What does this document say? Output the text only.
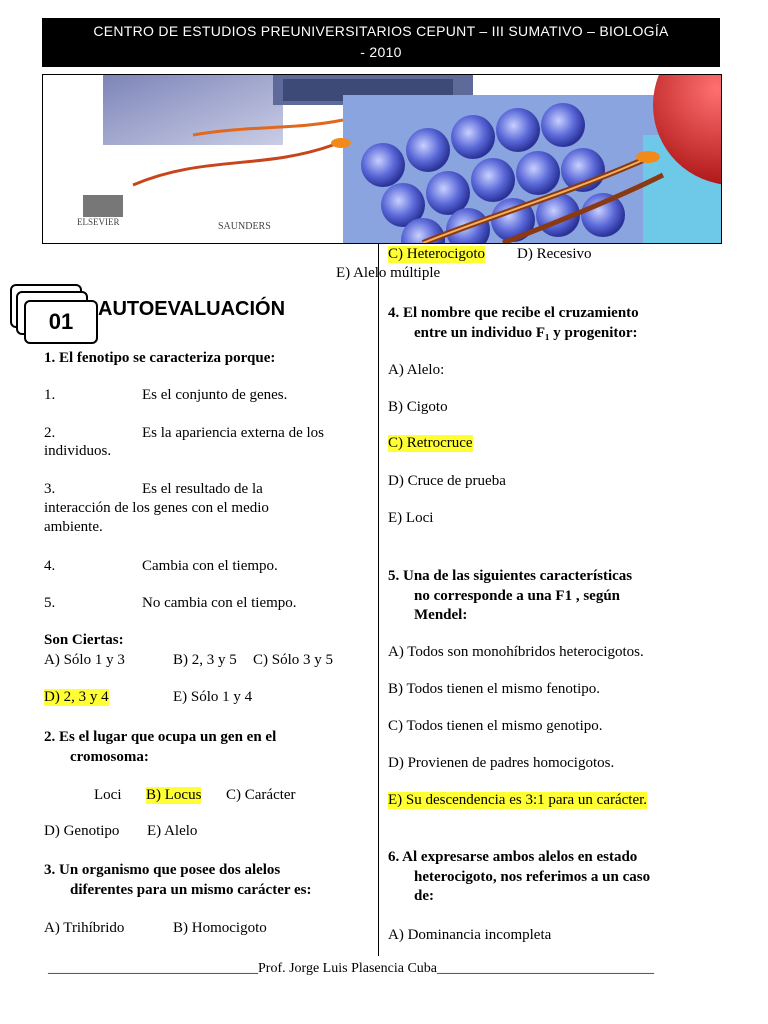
CENTRO DE ESTUDIOS PREUNIVERSITARIOS CEPUNT – III SUMATIVO – BIOLOGÍA
- 2010
ELSEVIER	SAUNDERS
01	AUTOEVALUACIÓN
1. El fenotipo se caracteriza porque:
1.	Es el conjunto de genes.
2.	Es la apariencia externa de los
individuos.
3.	Es el resultado de la
interacción de los genes con el medio
ambiente.
4.	Cambia con el tiempo.
5.	No cambia con el tiempo.
Son Ciertas:
A) Sólo 1 y 3	B) 2, 3 y 5 C) Sólo 3 y 5
D) 2, 3 y 4	E) Sólo 1 y 4
2. Es el lugar que ocupa un gen en el
cromosoma:
Loci B) Locus C) Carácter
D) Genotipo E) Alelo
3. Un organismo que posee dos alelos
diferentes para un mismo carácter es:
A) Trihíbrido	B) Homocigoto
C) Heterocigoto D) Recesivo
E) Alelo múltiple
4. El nombre que recibe el cruzamiento
entre un individuo F₁ y progenitor:
A) Alelo:
B) Cigoto
C) Retrocruce
D) Cruce de prueba
E) Loci
5. Una de las siguientes características
no corresponde a una F1 , según
Mendel:
A) Todos son monohíbridos heterocigotos.
B) Todos tienen el mismo fenotipo.
C) Todos tienen el mismo genotipo.
D) Provienen de padres homocigotos.
E) Su descendencia es 3:1 para un carácter.
6. Al expresarse ambos alelos en estado
heterocigoto, nos referimos a un caso
de:
A) Dominancia incompleta
______________________________Prof. Jorge Luis Plasencia Cuba_______________________________
